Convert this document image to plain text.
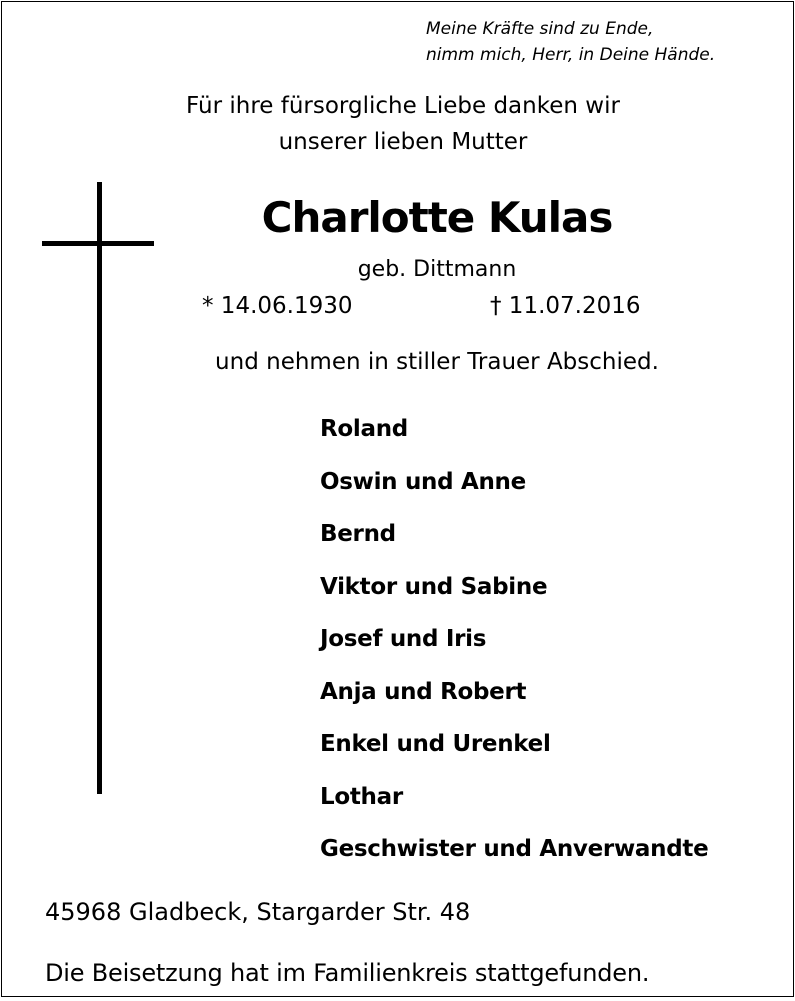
Meine Kräfte sind zu Ende,
nimm mich, Herr, in Deine Hände.
Für ihre fürsorgliche Liebe danken wir
unserer lieben Mutter
Charlotte Kulas
geb. Dittmann
* 14.06.1930	† 11.07.2016
und nehmen in stiller Trauer Abschied.
Roland
Oswin und Anne
Bernd
Viktor und Sabine
Josef und Iris
Anja und Robert
Enkel und Urenkel
Lothar
Geschwister und Anverwandte
45968 Gladbeck, Stargarder Str. 48
Die Beisetzung hat im Familienkreis stattgefunden.
